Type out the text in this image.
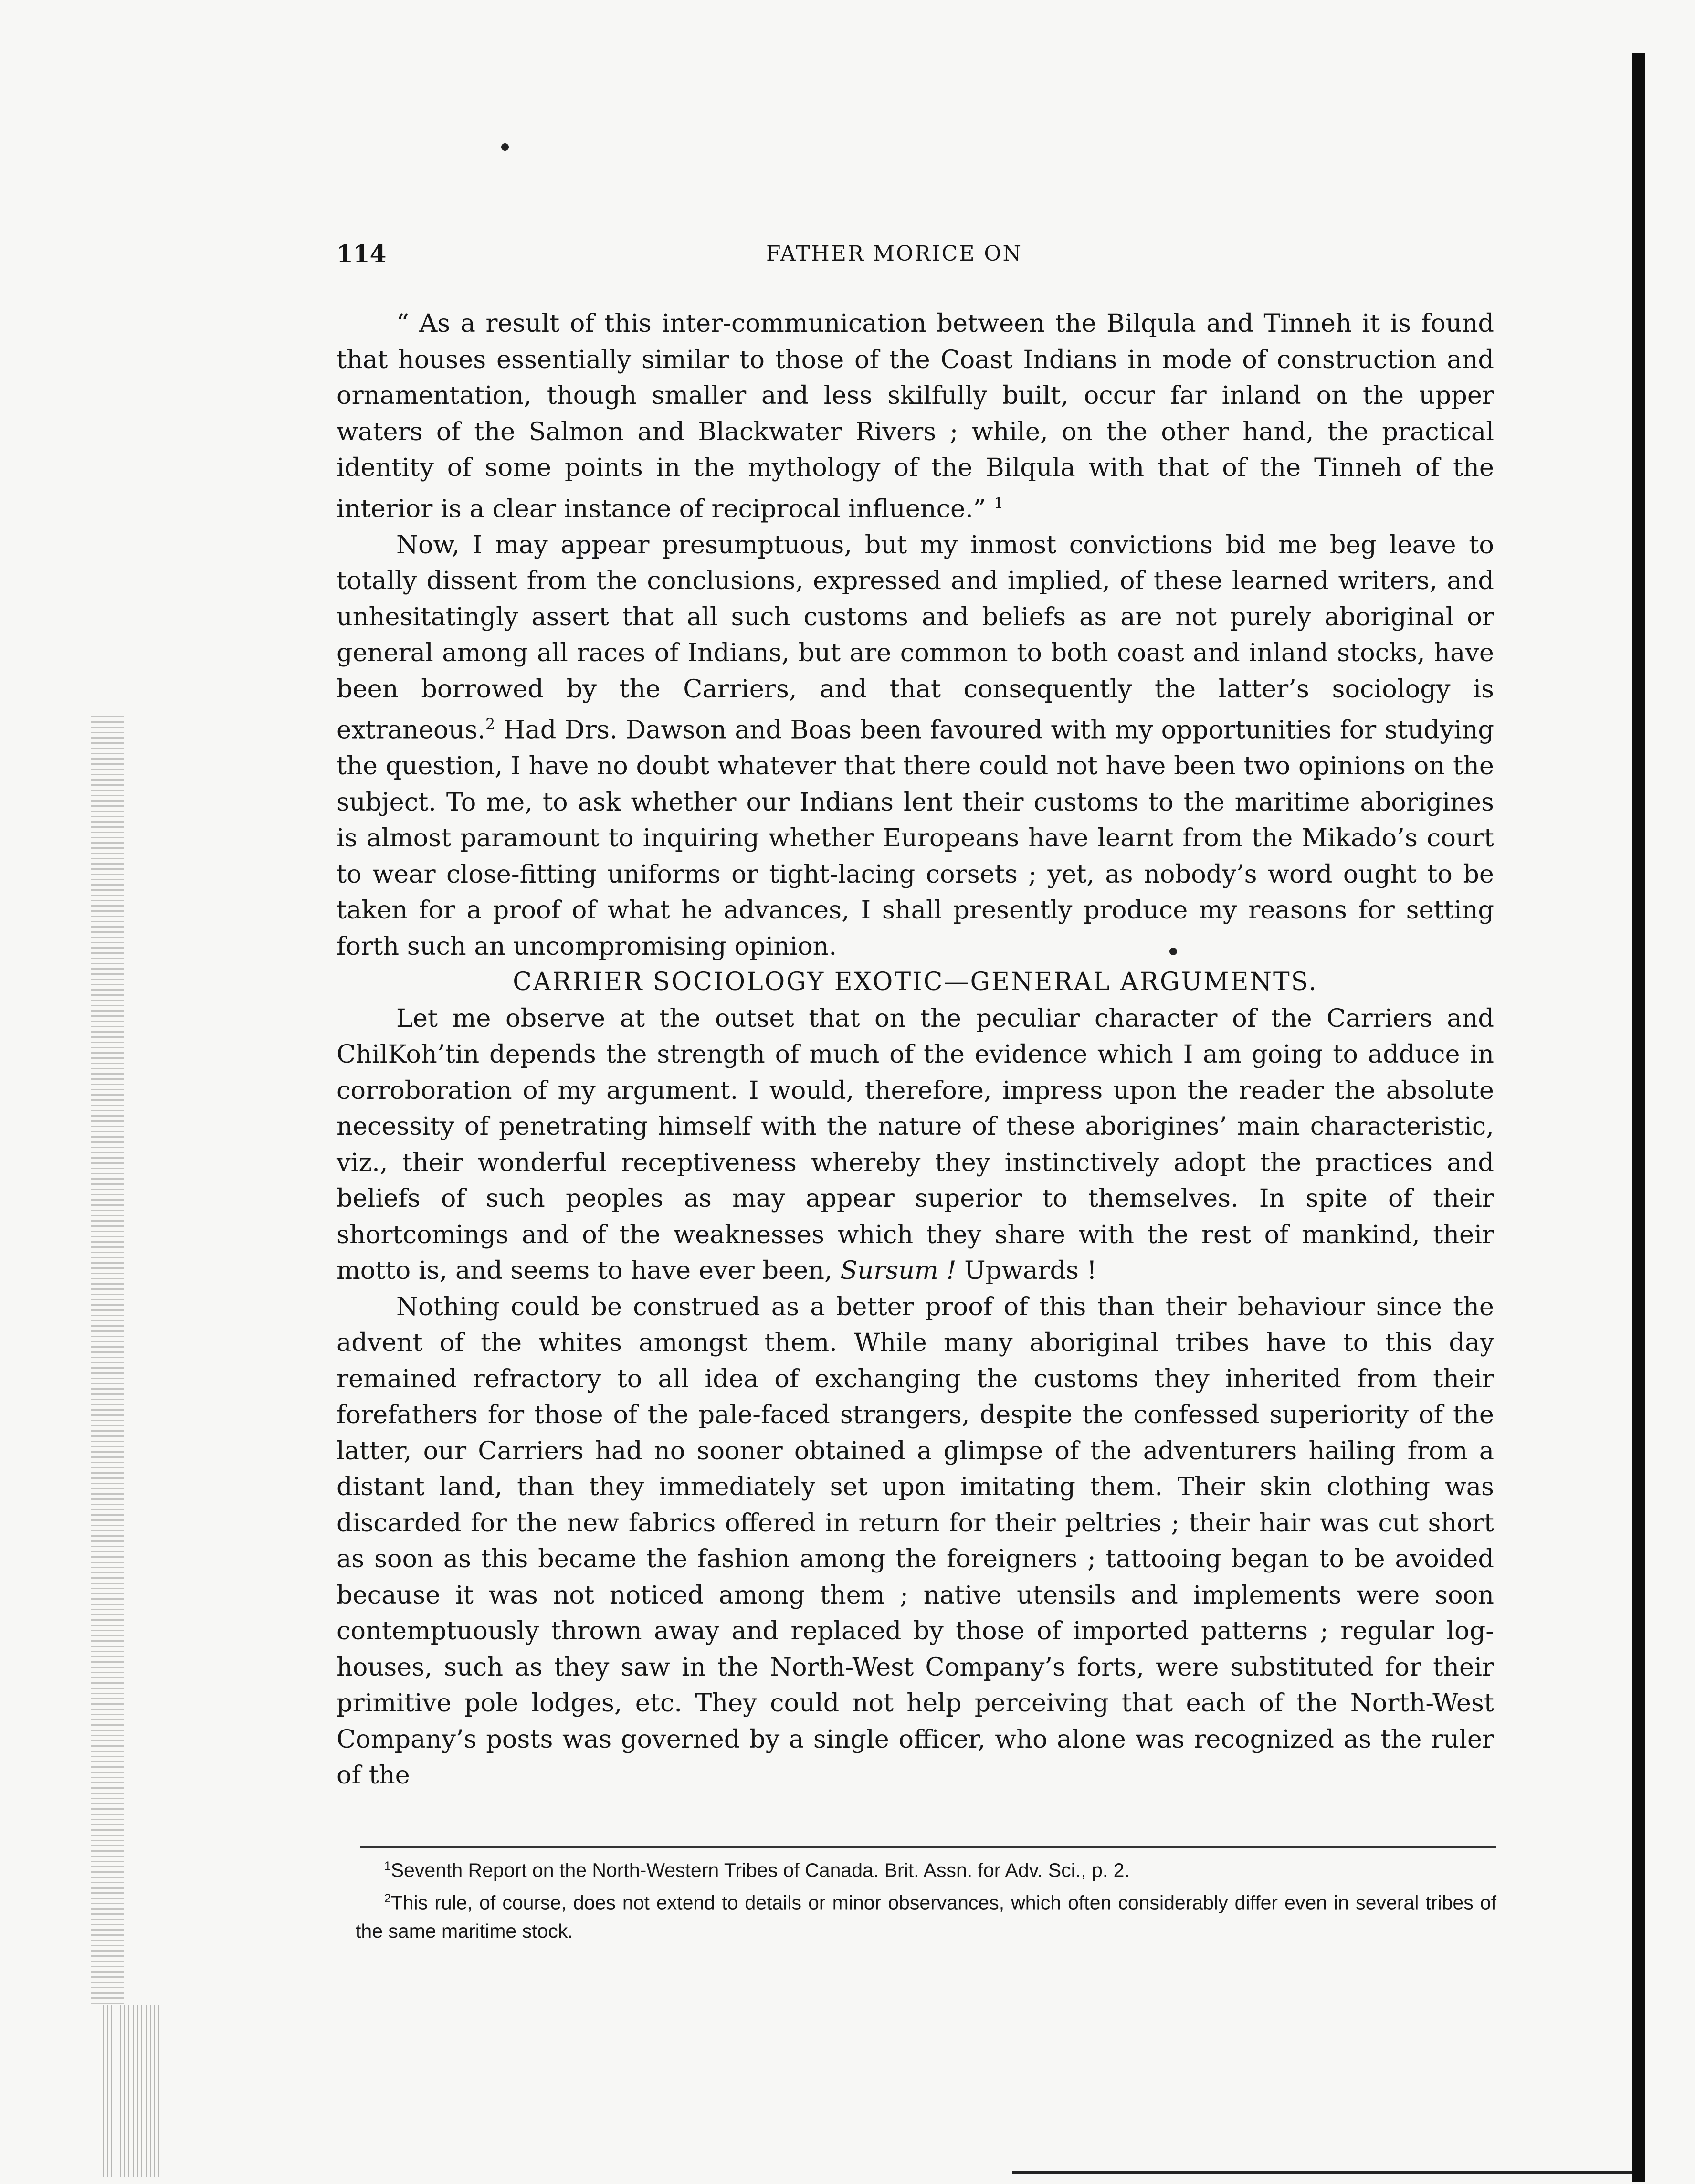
114	FATHER MORICE ON

“ As a result of this inter-communication between the Bilqula and Tinneh it is found that houses essentially similar to those of the Coast Indians in mode of construction and ornamentation, though smaller and less skilfully built, occur far inland on the upper waters of the Salmon and Blackwater Rivers ; while, on the other hand, the practical identity of some points in the mythology of the Bilqula with that of the Tinneh of the interior is a clear instance of reciprocal influence.” $^1$

Now, I may appear presumptuous, but my inmost convictions bid me beg leave to totally dissent from the conclusions, expressed and implied, of these learned writers, and unhesitatingly assert that all such customs and beliefs as are not purely aboriginal or general among all races of Indians, but are common to both coast and inland stocks, have been borrowed by the Carriers, and that consequently the latter’s sociology is extraneous.$^2$ Had Drs. Dawson and Boas been favoured with my opportunities for studying the question, I have no doubt whatever that there could not have been two opinions on the subject. To me, to ask whether our Indians lent their customs to the maritime aborigines is almost paramount to inquiring whether Europeans have learnt from the Mikado’s court to wear close-fitting uniforms or tight-lacing corsets ; yet, as nobody’s word ought to be taken for a proof of what he advances, I shall presently produce my reasons for setting forth such an uncompromising opinion.

CARRIER SOCIOLOGY EXOTIC—GENERAL ARGUMENTS.

Let me observe at the outset that on the peculiar character of the Carriers and ChilKoh’tin depends the strength of much of the evidence which I am going to adduce in corroboration of my argument. I would, therefore, impress upon the reader the absolute necessity of penetrating himself with the nature of these aborigines’ main characteristic, viz., their wonderful receptiveness whereby they instinctively adopt the practices and beliefs of such peoples as may appear superior to themselves. In spite of their shortcomings and of the weaknesses which they share with the rest of mankind, their motto is, and seems to have ever been, Sursum ! Upwards !

Nothing could be construed as a better proof of this than their behaviour since the advent of the whites amongst them. While many aboriginal tribes have to this day remained refractory to all idea of exchanging the customs they inherited from their forefathers for those of the pale-faced strangers, despite the confessed superiority of the latter, our Carriers had no sooner obtained a glimpse of the adventurers hailing from a distant land, than they immediately set upon imitating them. Their skin clothing was discarded for the new fabrics offered in return for their peltries ; their hair was cut short as soon as this became the fashion among the foreigners ; tattooing began to be avoided because it was not noticed among them ; native utensils and implements were soon contemptuously thrown away and replaced by those of imported patterns ; regular log-houses, such as they saw in the North-West Company’s forts, were substituted for their primitive pole lodges, etc. They could not help perceiving that each of the North-West Company’s posts was governed by a single officer, who alone was recognized as the ruler of the

$^1$Seventh Report on the North-Western Tribes of Canada. Brit. Assn. for Adv. Sci., p. 2.

$^2$This rule, of course, does not extend to details or minor observances, which often considerably differ even in several tribes of the same maritime stock.
